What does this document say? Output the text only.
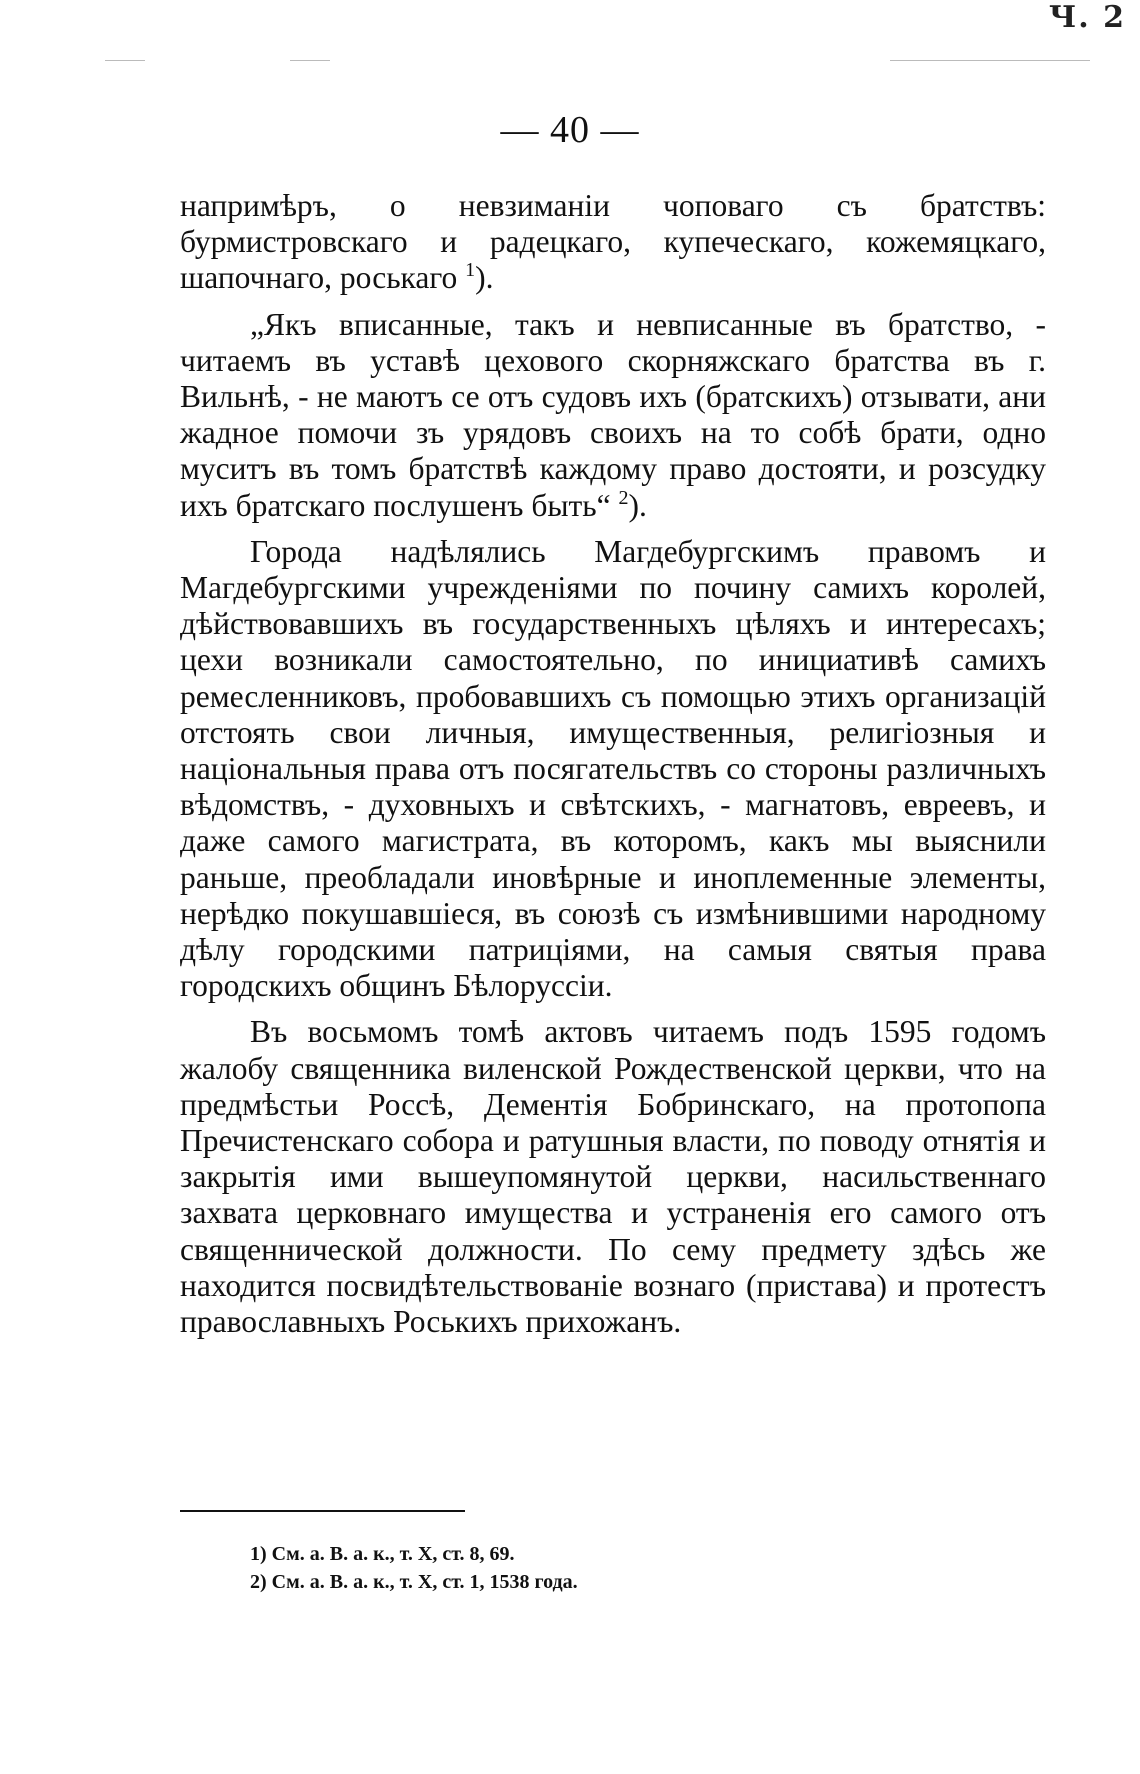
Ч. 2
— 40 —

напримѣръ, о невзиманіи чоповаго съ братствъ: бурмистровскаго и радецкаго, купеческаго, кожемяцкаго, шапочнаго, роськаго $^1$).

„Якъ вписанные, такъ и невписанные въ братство, - читаемъ въ уставѣ цехового скорняжскаго братства въ г. Вильнѣ, - не маютъ се отъ судовъ ихъ (братскихъ) отзывати, ани жадное помочи зъ урядовъ своихъ на то собѣ брати, одно муситъ въ томъ братствѣ каждому право достояти, и розсудку ихъ братскаго послушенъ быть“ $^2$).

Города надѣлялись Магдебургскимъ правомъ и Магдебургскими учрежденіями по почину самихъ королей, дѣйствовавшихъ въ государственныхъ цѣляхъ и интересахъ; цехи возникали самостоятельно, по инициативѣ самихъ ремесленниковъ, пробовавшихъ съ помощью этихъ организацій отстоять свои личныя, имущественныя, религіозныя и національныя права отъ посягательствъ со стороны различныхъ вѣдомствъ, - духовныхъ и свѣтскихъ, - магнатовъ, евреевъ, и даже самого магистрата, въ которомъ, какъ мы выяснили раньше, преобладали иновѣрные и иноплеменные элементы, нерѣдко покушавшіеся, въ союзѣ съ измѣнившими народному дѣлу городскими патриціями, на самыя святыя права городскихъ общинъ Бѣлоруссіи.

Въ восьмомъ томѣ актовъ читаемъ подъ 1595 годомъ жалобу священника виленской Рождественской церкви, что на предмѣстьи Россѣ, Дементія Бобринскаго, на протопопа Пречистенскаго собора и ратушныя власти, по поводу отнятія и закрытія ими вышеупомянутой церкви, насильственнаго захвата церковнаго имущества и устраненія его самого отъ священнической должности. По сему предмету здѣсь же находится посвидѣтельствованіе вознаго (пристава) и протестъ православныхъ Роськихъ прихожанъ.

1) См. а. В. а. к., т. X, ст. 8, 69.

2) См. а. В. а. к., т. X, ст. 1, 1538 года.
